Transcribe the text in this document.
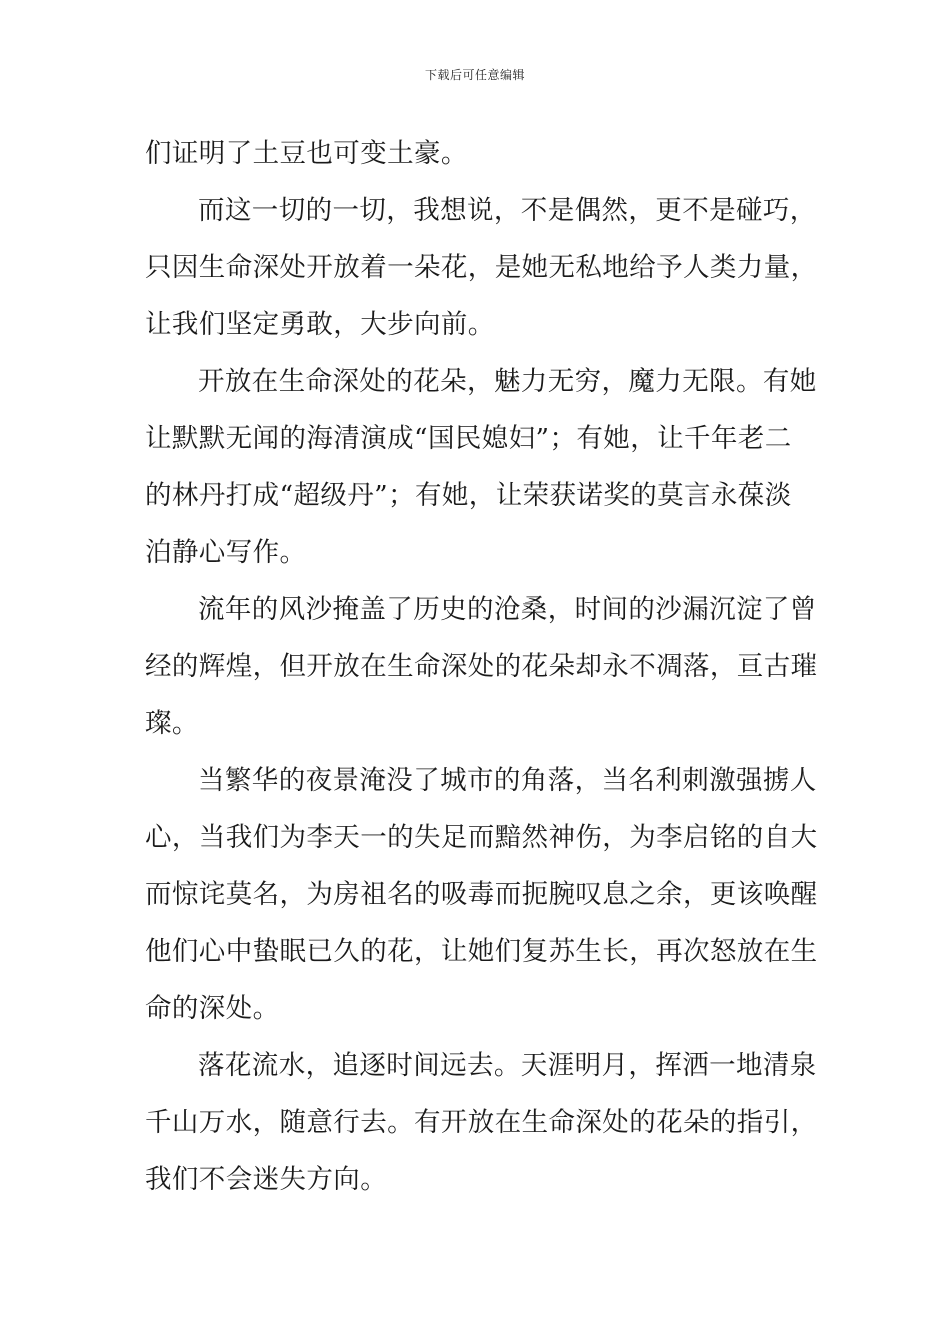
下载后可任意编辑
们证明了土豆也可变土豪。
而这一切的一切，我想说，不是偶然，更不是碰巧，
只因生命深处开放着一朵花，是她无私地给予人类力量，
让我们坚定勇敢，大步向前。
开放在生命深处的花朵，魅力无穷，魔力无限。有她
让默默无闻的海清演成“国民媳妇”；有她，让千年老二
的林丹打成“超级丹”；有她，让荣获诺奖的莫言永葆淡
泊静心写作。
流年的风沙掩盖了历史的沧桑，时间的沙漏沉淀了曾
经的辉煌，但开放在生命深处的花朵却永不凋落，亘古璀
璨。
当繁华的夜景淹没了城市的角落，当名利刺激强掳人
心，当我们为李天一的失足而黯然神伤，为李启铭的自大
而惊诧莫名，为房祖名的吸毒而扼腕叹息之余，更该唤醒
他们心中蛰眠已久的花，让她们复苏生长，再次怒放在生
命的深处。
落花流水，追逐时间远去。天涯明月，挥洒一地清泉
千山万水，随意行去。有开放在生命深处的花朵的指引，
我们不会迷失方向。
